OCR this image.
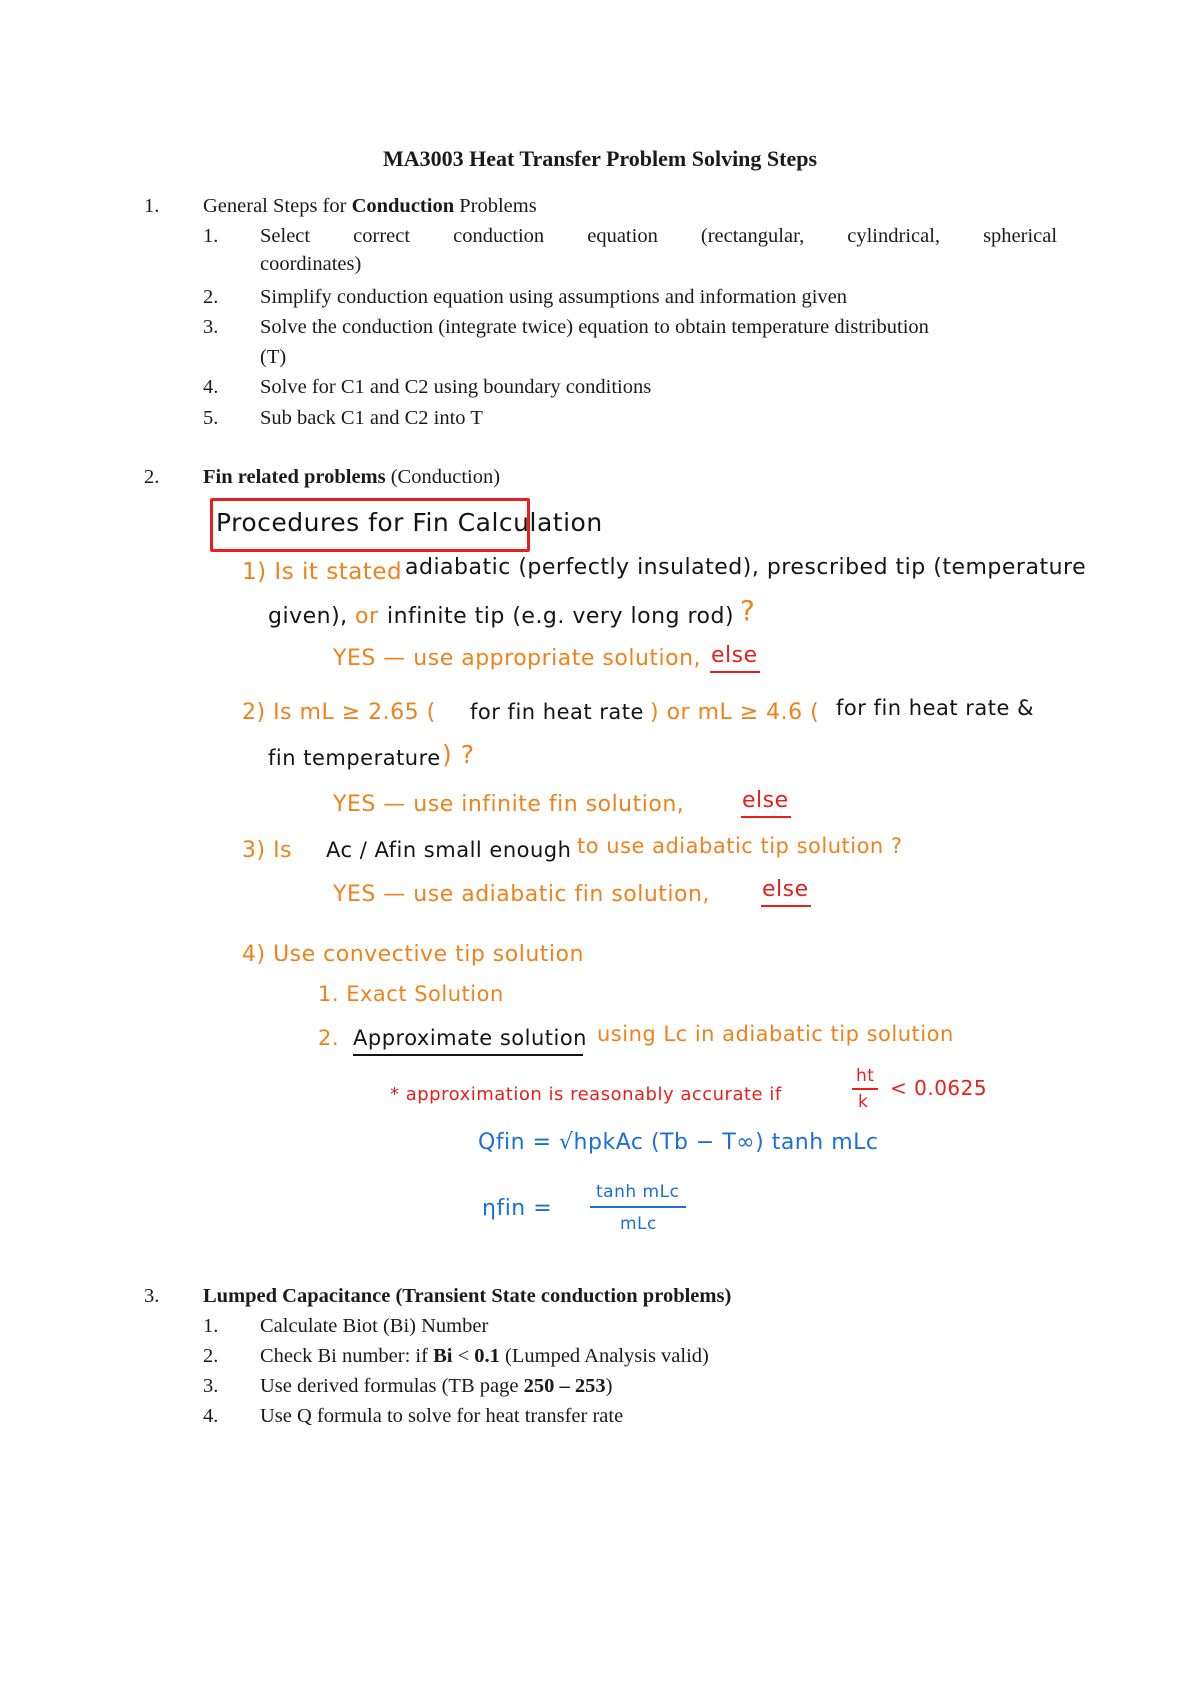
MA3003 Heat Transfer Problem Solving Steps
1. General Steps for Conduction Problems
1. Select correct conduction equation (rectangular, cylindrical, spherical
coordinates)
2. Simplify conduction equation using assumptions and information given
3. Solve the conduction (integrate twice) equation to obtain temperature distribution
(T)
4. Solve for C1 and C2 using boundary conditions
5. Sub back C1 and C2 into T
2. Fin related problems (Conduction)
Procedures for Fin Calculation
1) Is it stated adiabatic (perfectly insulated), prescribed tip (temperature
given), or infinite tip (e.g. very long rod) ?
YES — use appropriate solution, else
2) Is mL ≥ 2.65 ( for fin heat rate ) or mL ≥ 4.6 ( for fin heat rate &
fin temperature ) ?
YES — use infinite fin solution,	else
3) Is Ac / Afin small enough to use adiabatic tip solution ?
YES — use adiabatic fin solution, else
4) Use convective tip solution
1. Exact Solution
2. Approximate solution using Lc in adiabatic tip solution
* approximation is reasonably accurate if
ht
k
< 0.0625
Qfin = √hpkAc (Tb − T∞) tanh mLc
ηfin =
tanh mLc
mLc
3. Lumped Capacitance (Transient State conduction problems)
1. Calculate Biot (Bi) Number
2. Check Bi number: if Bi < 0.1 (Lumped Analysis valid)
3. Use derived formulas (TB page 250 – 253)
4. Use Q formula to solve for heat transfer rate
